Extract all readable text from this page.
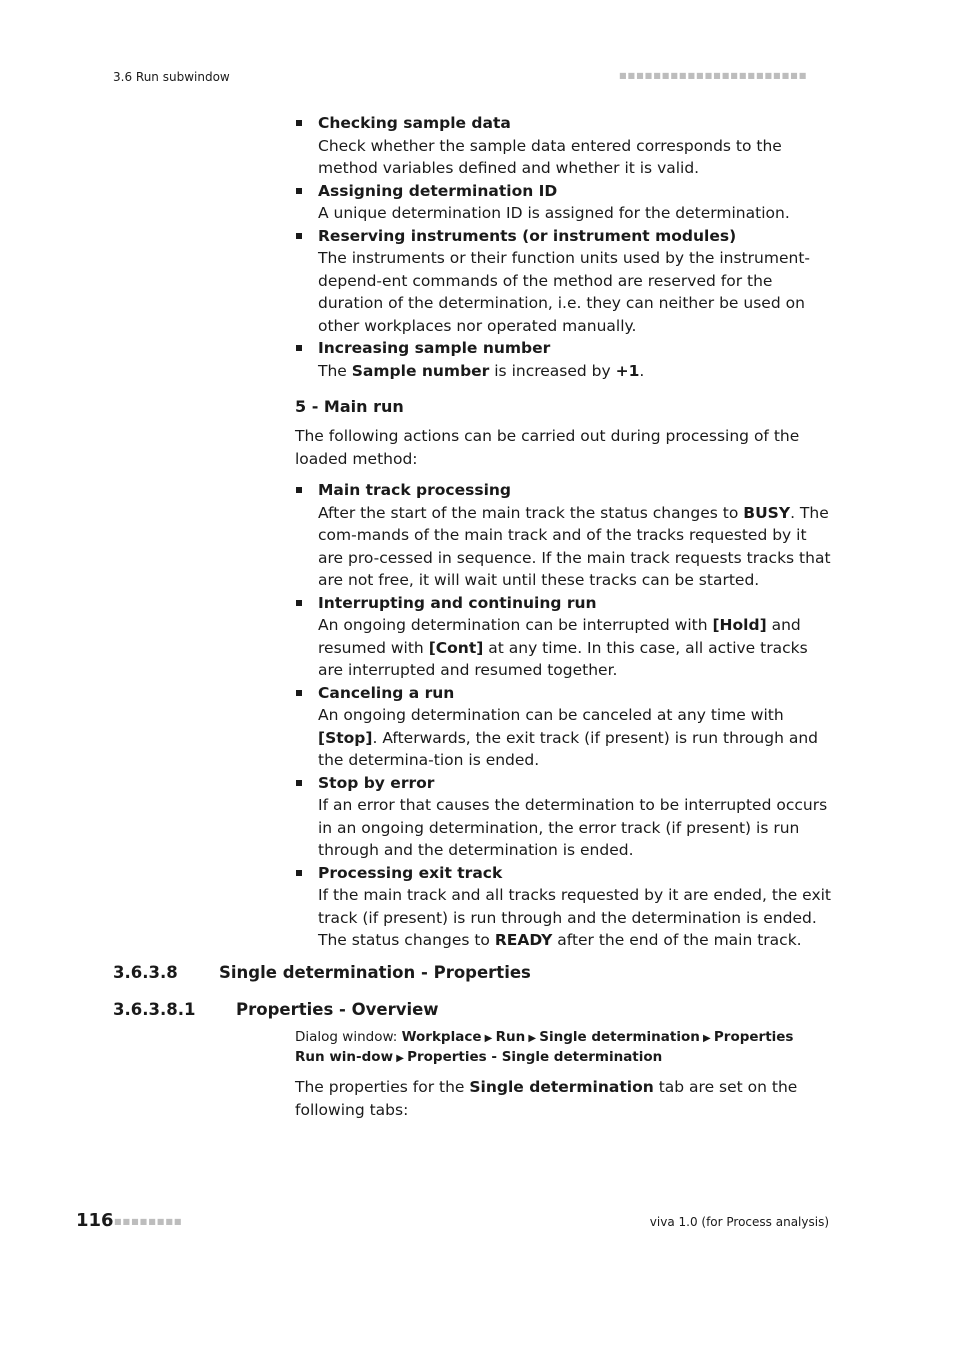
3.6 Run subwindow	■■■■■■■■■■■■■■■■■■■■■■
Checking sample data
Check whether the sample data entered corresponds to the method variables defined and whether it is valid.
Assigning determination ID
A unique determination ID is assigned for the determination.
Reserving instruments (or instrument modules)
The instruments or their function units used by the instrument-depend-ent commands of the method are reserved for the duration of the determination, i.e. they can neither be used on other workplaces nor operated manually.
Increasing sample number
The Sample number is increased by +1.
5 - Main run
The following actions can be carried out during processing of the loaded method:
Main track processing
After the start of the main track the status changes to BUSY. The com-mands of the main track and of the tracks requested by it are pro-cessed in sequence. If the main track requests tracks that are not free, it will wait until these tracks can be started.
Interrupting and continuing run
An ongoing determination can be interrupted with [Hold] and resumed with [Cont] at any time. In this case, all active tracks are interrupted and resumed together.
Canceling a run
An ongoing determination can be canceled at any time with [Stop]. Afterwards, the exit track (if present) is run through and the determina-tion is ended.
Stop by error
If an error that causes the determination to be interrupted occurs in an ongoing determination, the error track (if present) is run through and the determination is ended.
Processing exit track
If the main track and all tracks requested by it are ended, the exit track (if present) is run through and the determination is ended. The status changes to READY after the end of the main track.
3.6.3.8	Single determination - Properties
3.6.3.8.1 Properties - Overview
Dialog window: Workplace ▶ Run ▶ Single determination ▶ Properties Run win-dow ▶ Properties - Single determination
The properties for the Single determination tab are set on the following tabs:
116 ■■■■■■■■	viva 1.0 (for Process analysis)
